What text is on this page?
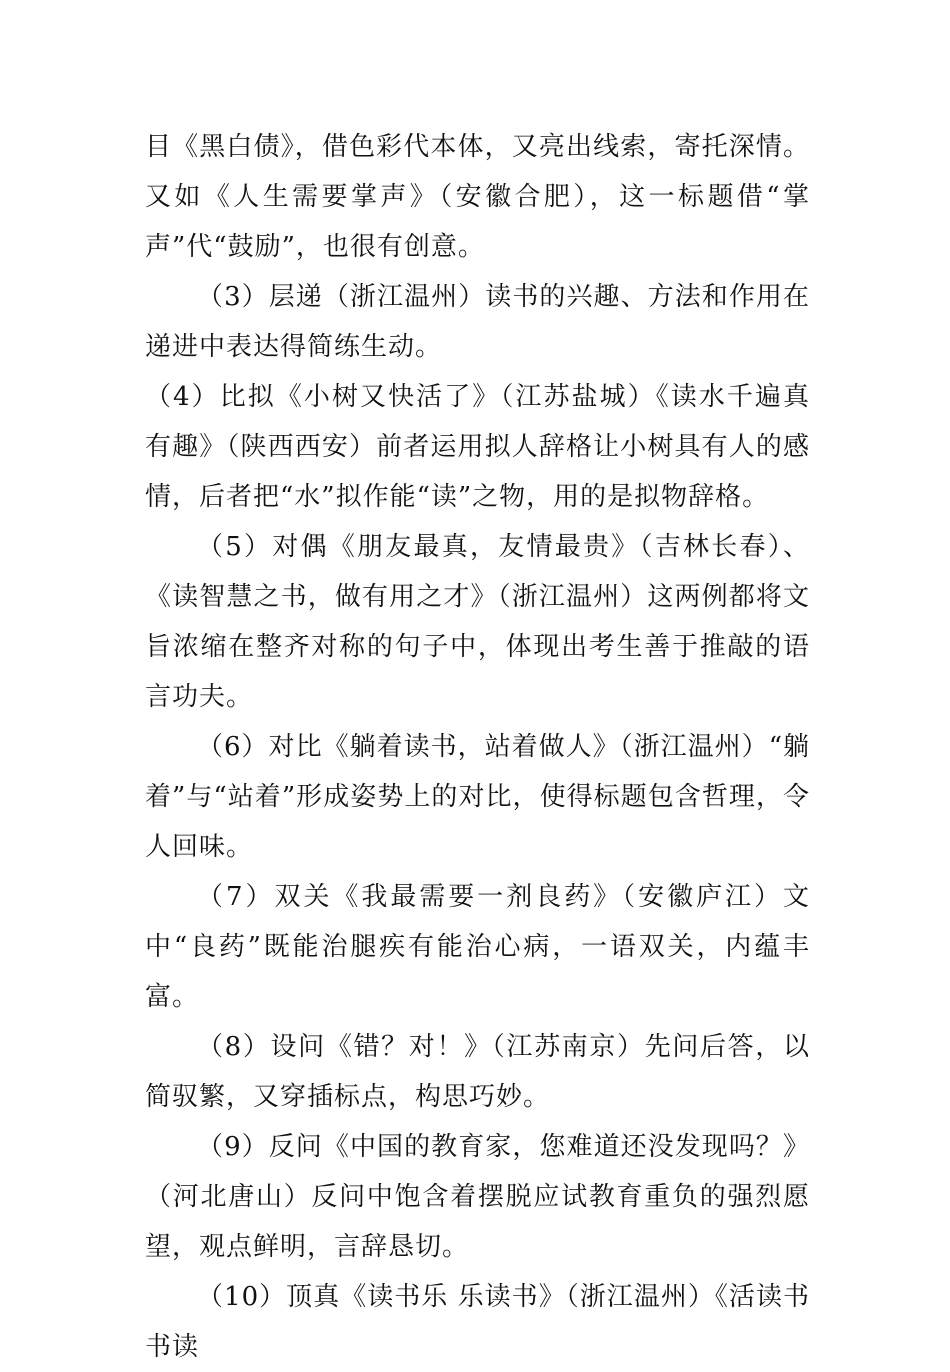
目《黑白债》，借色彩代本体，又亮出线索，寄托深情。又如《人生需要掌声》（安徽合肥），这一标题借“掌声”代“鼓励”，也很有创意。

（3）层递（浙江温州）读书的兴趣、方法和作用在递进中表达得简练生动。

（4）比拟《小树又快活了》（江苏盐城）《读水千遍真有趣》（陕西西安）前者运用拟人辞格让小树具有人的感情，后者把“水”拟作能“读”之物，用的是拟物辞格。

（5）对偶《朋友最真，友情最贵》（吉林长春）、《读智慧之书，做有用之才》（浙江温州）这两例都将文旨浓缩在整齐对称的句子中，体现出考生善于推敲的语言功夫。

（6）对比《躺着读书，站着做人》（浙江温州）“躺着”与“站着”形成姿势上的对比，使得标题包含哲理，令人回味。

（7）双关《我最需要一剂良药》（安徽庐江）文中“良药”既能治腿疾有能治心病，一语双关，内蕴丰富。

（8）设问《错？对！》（江苏南京）先问后答，以简驭繁，又穿插标点，构思巧妙。

（9）反问《中国的教育家，您难道还没发现吗？》（河北唐山）反问中饱含着摆脱应试教育重负的强烈愿望，观点鲜明，言辞恳切。

（10）顶真《读书乐 乐读书》（浙江温州）《活读书 书读
